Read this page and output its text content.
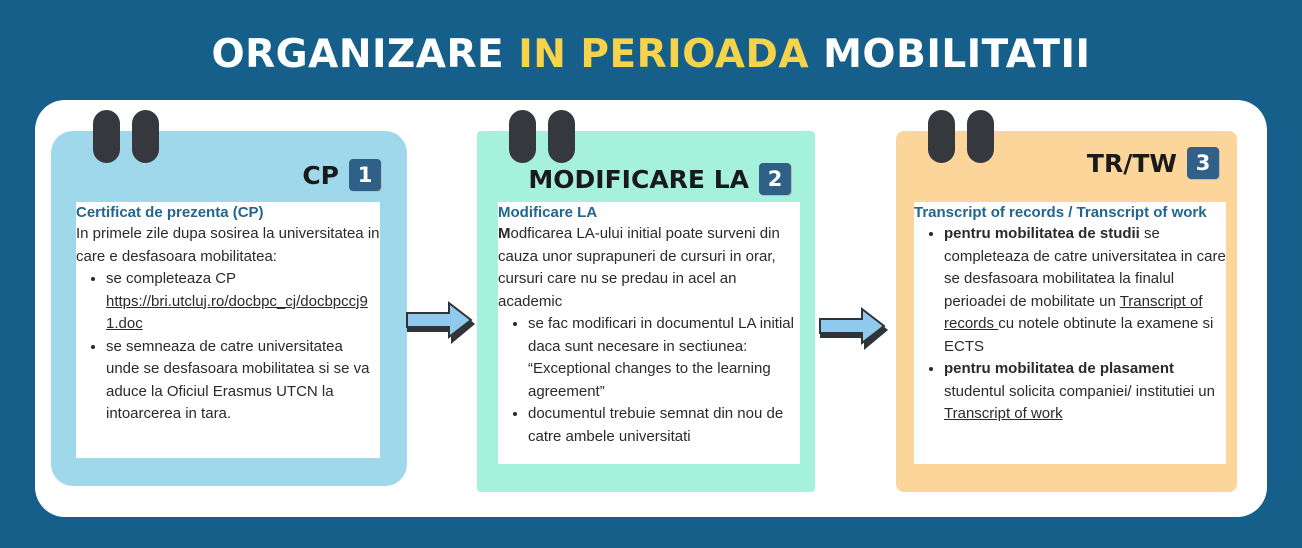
ORGANIZARE IN PERIOADA MOBILITATII
CP 1
Certificat de prezenta (CP)
In primele zile dupa sosirea la universitatea in care e desfasoara mobilitatea:
• se completeaza CP
https://bri.utcluj.ro/docbpc_cj/docbpccj91.doc
• se semneaza de catre universitatea unde se desfasoara mobilitatea si se va aduce la Oficiul Erasmus UTCN la intoarcerea in tara.
MODIFICARE LA 2
Modificare LA
Modficarea LA-ului initial poate surveni din cauza unor suprapuneri de cursuri in orar, cursuri care nu se predau in acel an academic
• se fac modificari in documentul LA initial daca sunt necesare in sectiunea: “Exceptional changes to the learning agreement”
• documentul trebuie semnat din nou de catre ambele universitati
TR/TW 3
Transcript of records / Transcript of work
• pentru mobilitatea de studii se completeaza de catre universitatea in care se desfasoara mobilitatea la finalul perioadei de mobilitate un Transcript of records cu notele obtinute la examene si ECTS
• pentru mobilitatea de plasament studentul solicita companiei/ institutiei un Transcript of work
